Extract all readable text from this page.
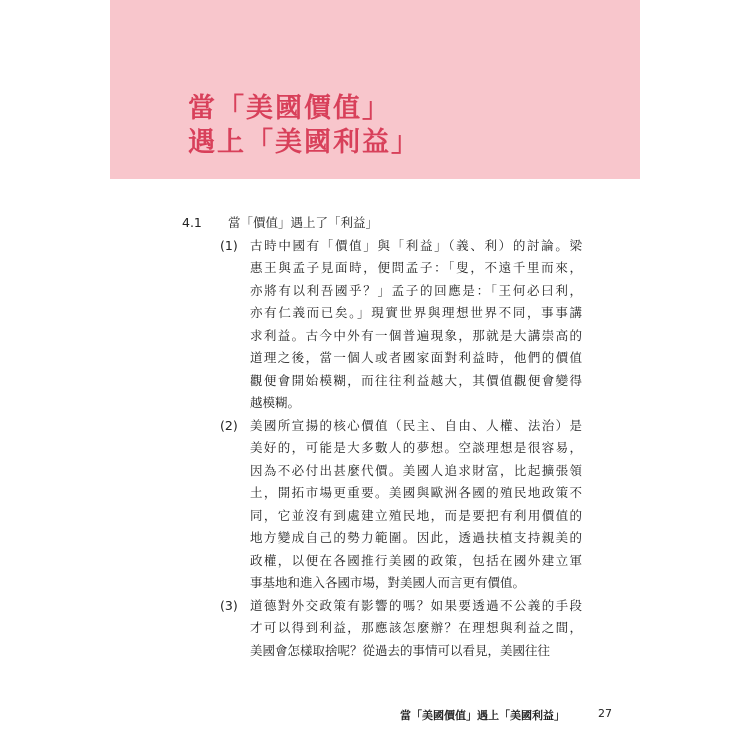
當「美國價值」
遇上「美國利益」
4.1	當「價值」遇上了「利益」
(1) 古時中國有「價值」與「利益」（義、利）的討論。梁
惠王與孟子見面時，便問孟子：「叟，不遠千里而來，
亦將有以利吾國乎？」孟子的回應是：「王何必曰利，
亦有仁義而已矣。」現實世界與理想世界不同，事事講
求利益。古今中外有一個普遍現象，那就是大講崇高的
道理之後，當一個人或者國家面對利益時，他們的價值
觀便會開始模糊，而往往利益越大，其價值觀便會變得
越模糊。
(2) 美國所宣揚的核心價值（民主、自由、人權、法治）是
美好的，可能是大多數人的夢想。空談理想是很容易，
因為不必付出甚麼代價。美國人追求財富，比起擴張領
土，開拓市場更重要。美國與歐洲各國的殖民地政策不
同，它並沒有到處建立殖民地，而是要把有利用價值的
地方變成自己的勢力範圍。因此，透過扶植支持親美的
政權，以便在各國推行美國的政策，包括在國外建立軍
事基地和進入各國市場，對美國人而言更有價值。
(3) 道德對外交政策有影響的嗎？如果要透過不公義的手段
才可以得到利益，那應該怎麼辦？在理想與利益之間，
美國會怎樣取捨呢？從過去的事情可以看見，美國往往
當「美國價值」遇上「美國利益」	27
